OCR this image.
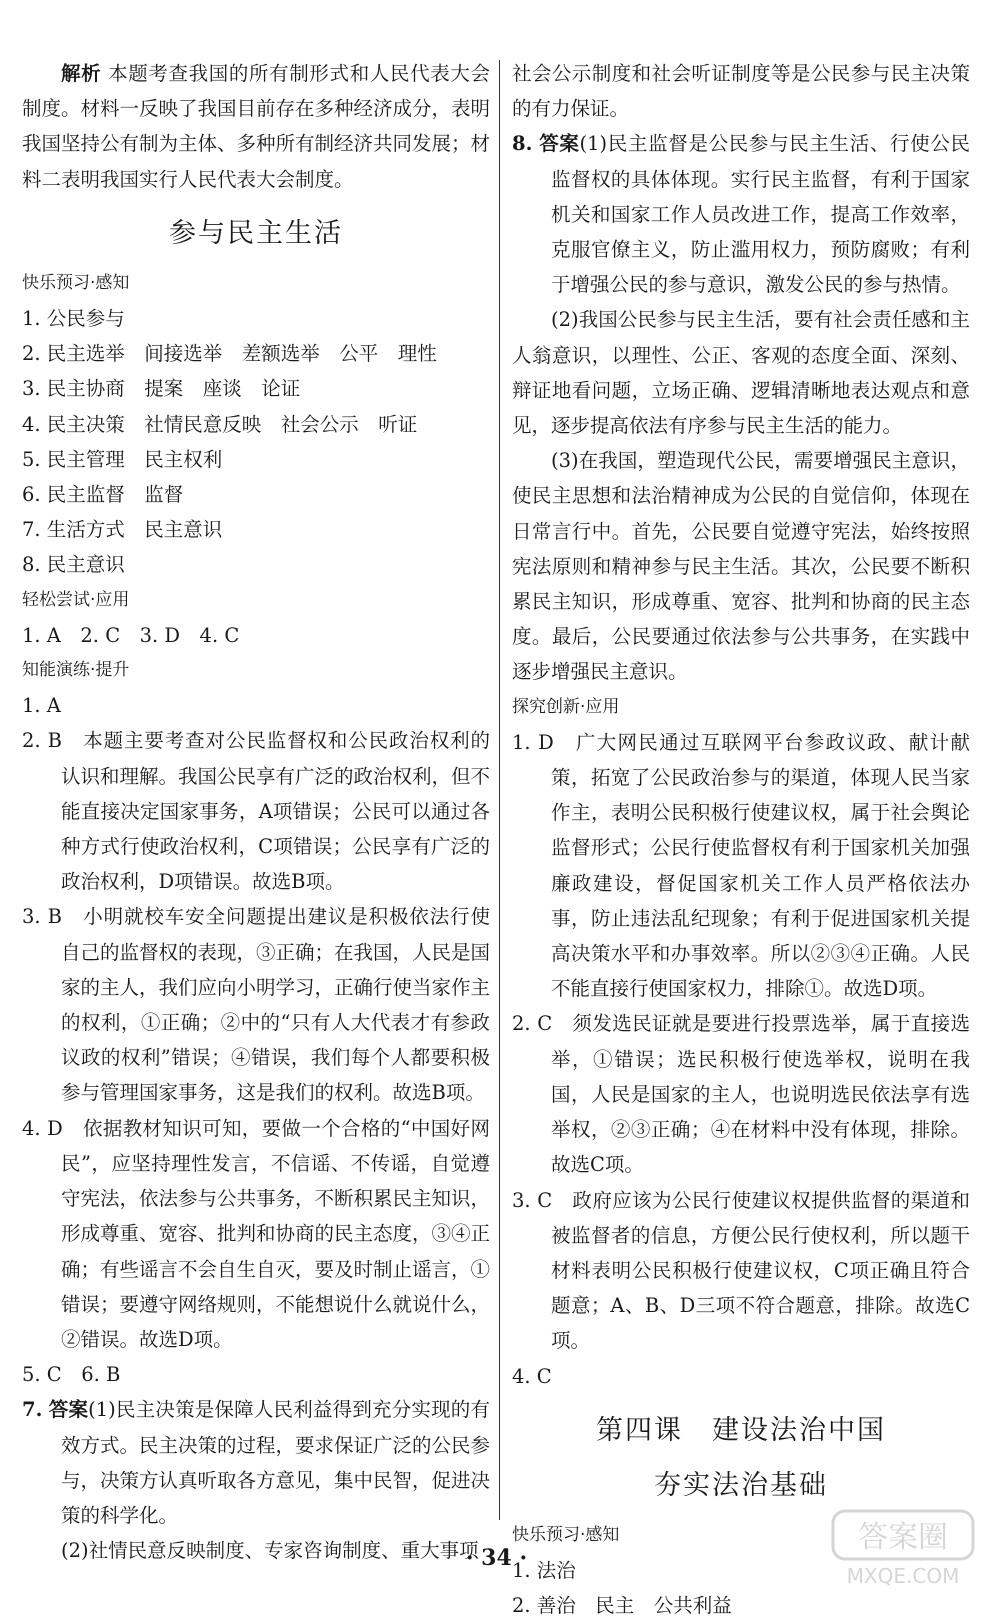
解析 本题考查我国的所有制形式和人民代表大会制度。材料一反映了我国目前存在多种经济成分，表明我国坚持公有制为主体、多种所有制经济共同发展；材料二表明我国实行人民代表大会制度。

参与民主生活

快乐预习·感知

1. 公民参与

2. 民主选举　间接选举　差额选举　公平　理性

3. 民主协商　提案　座谈　论证

4. 民主决策　社情民意反映　社会公示　听证

5. 民主管理　民主权利

6. 民主监督　监督

7. 生活方式　民主意识

8. 民主意识

轻松尝试·应用

1. A　2. C　3. D　4. C

知能演练·提升

1. A

2. B　本题主要考查对公民监督权和公民政治权利的认识和理解。我国公民享有广泛的政治权利，但不能直接决定国家事务，A项错误；公民可以通过各种方式行使政治权利，C项错误；公民享有广泛的政治权利，D项错误。故选B项。

3. B　小明就校车安全问题提出建议是积极依法行使自己的监督权的表现，③正确；在我国，人民是国家的主人，我们应向小明学习，正确行使当家作主的权利，①正确；②中的“只有人大代表才有参政议政的权利”错误；④错误，我们每个人都要积极参与管理国家事务，这是我们的权利。故选B项。

4. D　依据教材知识可知，要做一个合格的“中国好网民”，应坚持理性发言，不信谣、不传谣，自觉遵守宪法，依法参与公共事务，不断积累民主知识，形成尊重、宽容、批判和协商的民主态度，③④正确；有些谣言不会自生自灭，要及时制止谣言，①错误；要遵守网络规则，不能想说什么就说什么，②错误。故选D项。

5. C　6. B

7. 答案(1)民主决策是保障人民利益得到充分实现的有效方式。民主决策的过程，要求保证广泛的公民参与，决策方认真听取各方意见，集中民智，促进决策的科学化。

(2)社情民意反映制度、专家咨询制度、重大事项

社会公示制度和社会听证制度等是公民参与民主决策的有力保证。

8. 答案(1)民主监督是公民参与民主生活、行使公民监督权的具体体现。实行民主监督，有利于国家机关和国家工作人员改进工作，提高工作效率，克服官僚主义，防止滥用权力，预防腐败；有利于增强公民的参与意识，激发公民的参与热情。

(2)我国公民参与民主生活，要有社会责任感和主人翁意识，以理性、公正、客观的态度全面、深刻、辩证地看问题，立场正确、逻辑清晰地表达观点和意见，逐步提高依法有序参与民主生活的能力。

(3)在我国，塑造现代公民，需要增强民主意识，使民主思想和法治精神成为公民的自觉信仰，体现在日常言行中。首先，公民要自觉遵守宪法，始终按照宪法原则和精神参与民主生活。其次，公民要不断积累民主知识，形成尊重、宽容、批判和协商的民主态度。最后，公民要通过依法参与公共事务，在实践中逐步增强民主意识。

探究创新·应用

1. D　广大网民通过互联网平台参政议政、献计献策，拓宽了公民政治参与的渠道，体现人民当家作主，表明公民积极行使建议权，属于社会舆论监督形式；公民行使监督权有利于国家机关加强廉政建设，督促国家机关工作人员严格依法办事，防止违法乱纪现象；有利于促进国家机关提高决策水平和办事效率。所以②③④正确。人民不能直接行使国家权力，排除①。故选D项。

2. C　须发选民证就是要进行投票选举，属于直接选举，①错误；选民积极行使选举权，说明在我国，人民是国家的主人，也说明选民依法享有选举权，②③正确；④在材料中没有体现，排除。故选C项。

3. C　政府应该为公民行使建议权提供监督的渠道和被监督者的信息，方便公民行使权利，所以题干材料表明公民积极行使建议权，C项正确且符合题意；A、B、D三项不符合题意，排除。故选C项。

4. C

第四课　建设法治中国
夯实法治基础

快乐预习·感知

1. 法治

2. 善治　民主　公共利益

· 34 ·
答案圈
MXQE.COM
